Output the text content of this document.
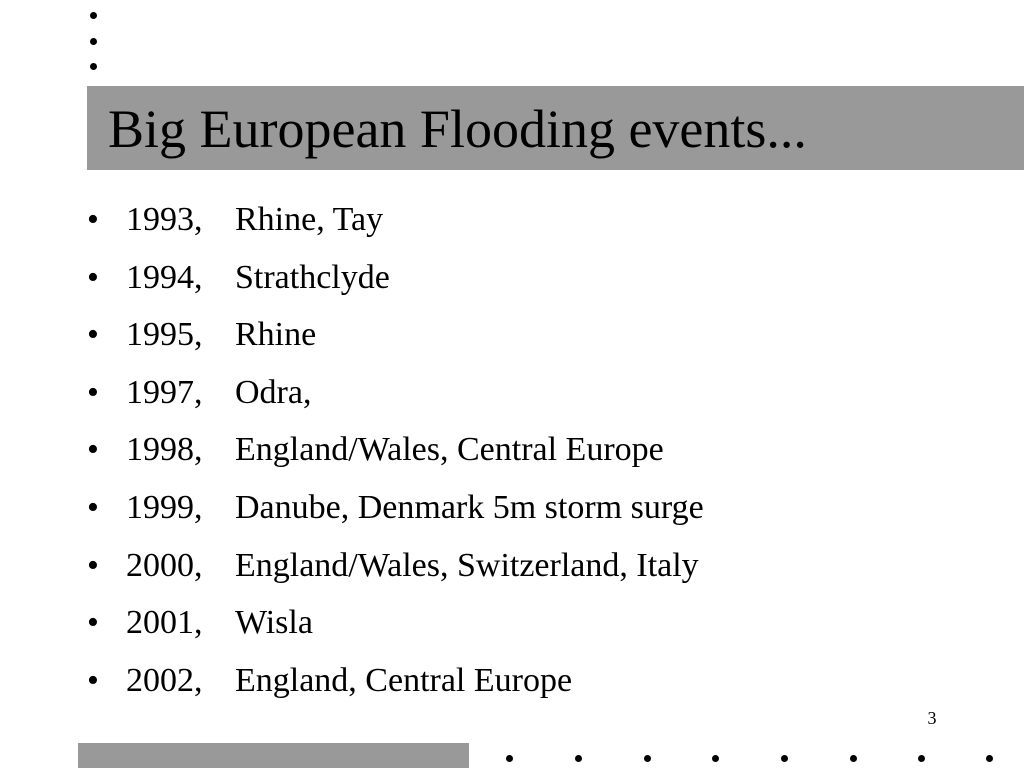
Big European Flooding events...
• 1993, Rhine, Tay
• 1994, Strathclyde
• 1995, Rhine
• 1997, Odra,
• 1998, England/Wales, Central Europe
• 1999, Danube, Denmark 5m storm surge
• 2000, England/Wales, Switzerland, Italy
• 2001, Wisla
• 2002, England, Central Europe
3
